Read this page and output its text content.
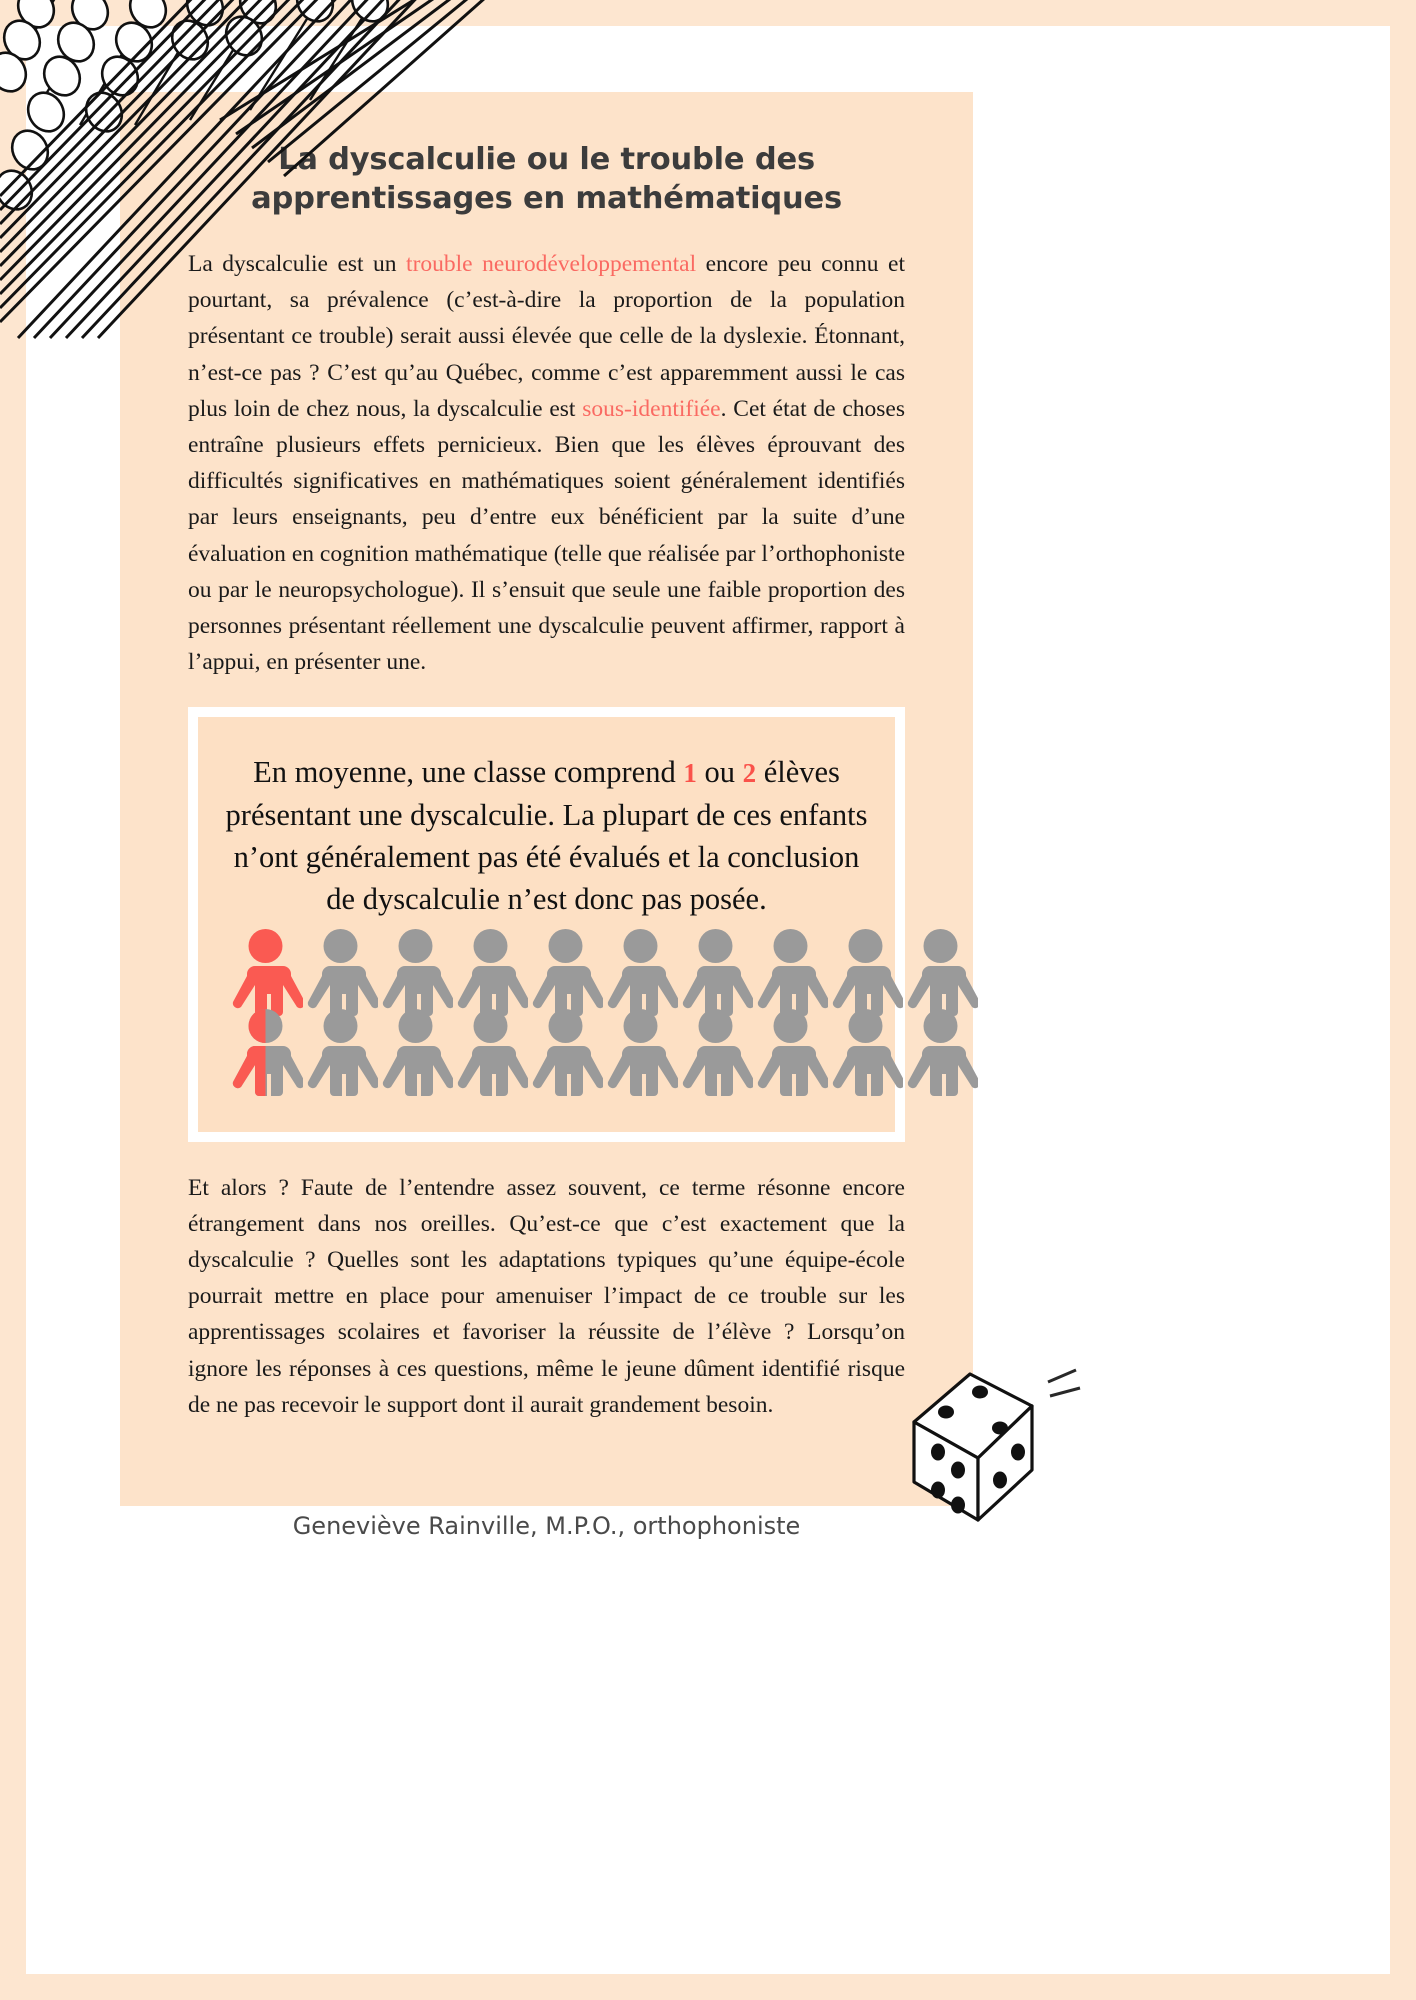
La dyscalculie ou le trouble des apprentissages en mathématiques

La dyscalculie est un trouble neurodéveloppemental encore peu connu et pourtant, sa prévalence (c’est-à-dire la proportion de la population présentant ce trouble) serait aussi élevée que celle de la dyslexie. Étonnant, n’est-ce pas ? C’est qu’au Québec, comme c’est apparemment aussi le cas plus loin de chez nous, la dyscalculie est sous-identifiée. Cet état de choses entraîne plusieurs effets pernicieux. Bien que les élèves éprouvant des difficultés significatives en mathématiques soient généralement identifiés par leurs enseignants, peu d’entre eux bénéficient par la suite d’une évaluation en cognition mathématique (telle que réalisée par l’orthophoniste ou par le neuropsychologue). Il s’ensuit que seule une faible proportion des personnes présentant réellement une dyscalculie peuvent affirmer, rapport à l’appui, en présenter une.

En moyenne, une classe comprend 1 ou 2 élèves présentant une dyscalculie. La plupart de ces enfants n’ont généralement pas été évalués et la conclusion de dyscalculie n’est donc pas posée.

Et alors ? Faute de l’entendre assez souvent, ce terme résonne encore étrangement dans nos oreilles. Qu’est-ce que c’est exactement que la dyscalculie ? Quelles sont les adaptations typiques qu’une équipe-école pourrait mettre en place pour amenuiser l’impact de ce trouble sur les apprentissages scolaires et favoriser la réussite de l’élève ? Lorsqu’on ignore les réponses à ces questions, même le jeune dûment identifié risque de ne pas recevoir le support dont il aurait grandement besoin.

Geneviève Rainville, M.P.O., orthophoniste
